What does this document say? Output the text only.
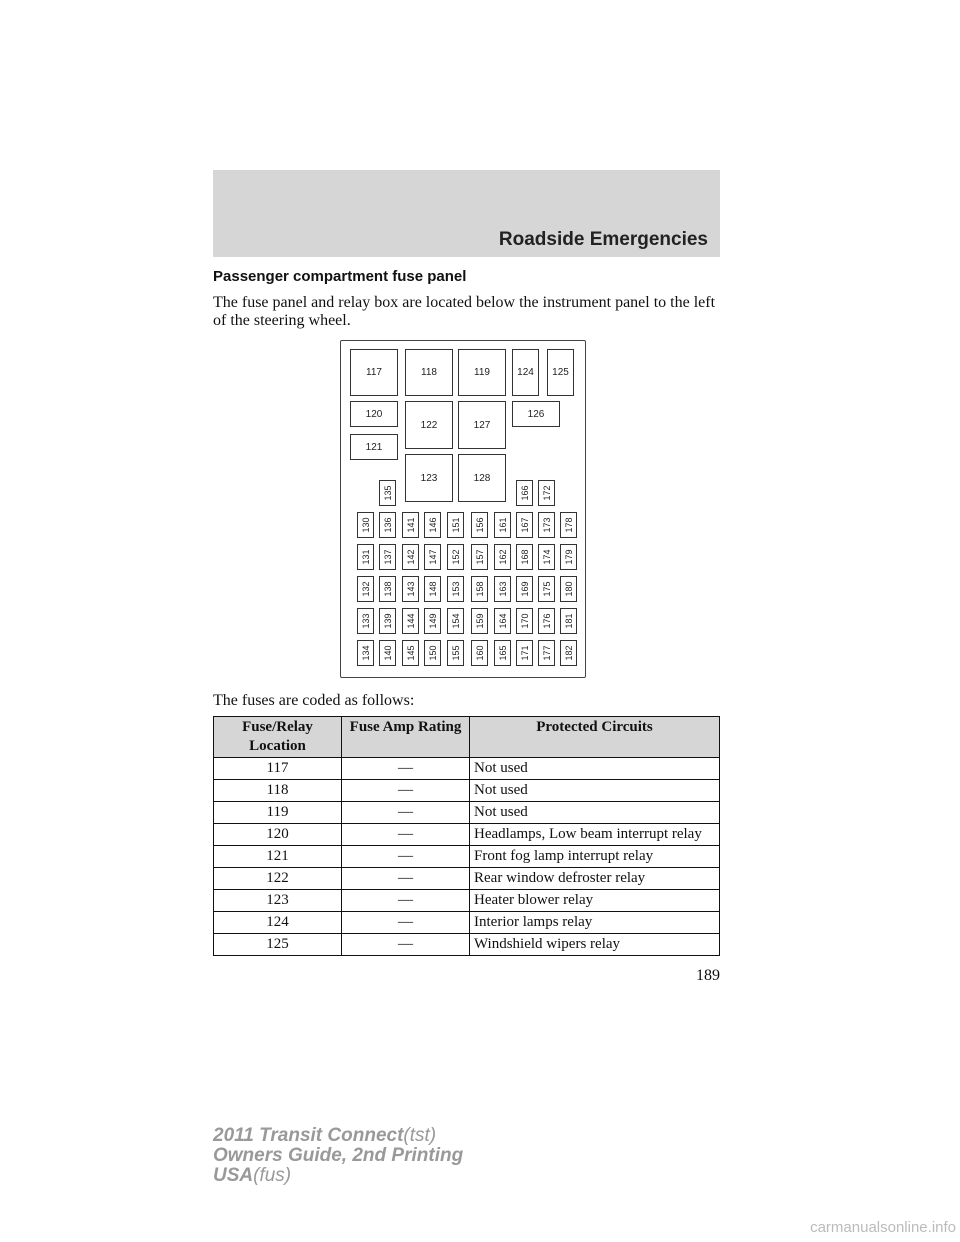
Roadside Emergencies
Passenger compartment fuse panel
The fuse panel and relay box are located below the instrument panel to the left of the steering wheel.
117	118	119	124	125
120
121
122	127
126
123	128
135	166 172
130
131
132
133
134
136
137
138
139
140
141
142
143
144
145
146
147
148
149
150
151
152
153
154
155
156
157
158
159
160
161
162
163
164
165
167
168
169
170
171
173
174
175
176
177
178
179
180
181
182
The fuses are coded as follows:
Fuse/Relay Location	Fuse Amp Rating	Protected Circuits
117	—	Not used
118	—	Not used
119	—	Not used
120	—	Headlamps, Low beam interrupt relay
121	—	Front fog lamp interrupt relay
122	—	Rear window defroster relay
123	—	Heater blower relay
124	—	Interior lamps relay
125	—	Windshield wipers relay
189
2011 Transit Connect(tst)
Owners Guide, 2nd Printing
USA(fus)
carmanualsonline.info
